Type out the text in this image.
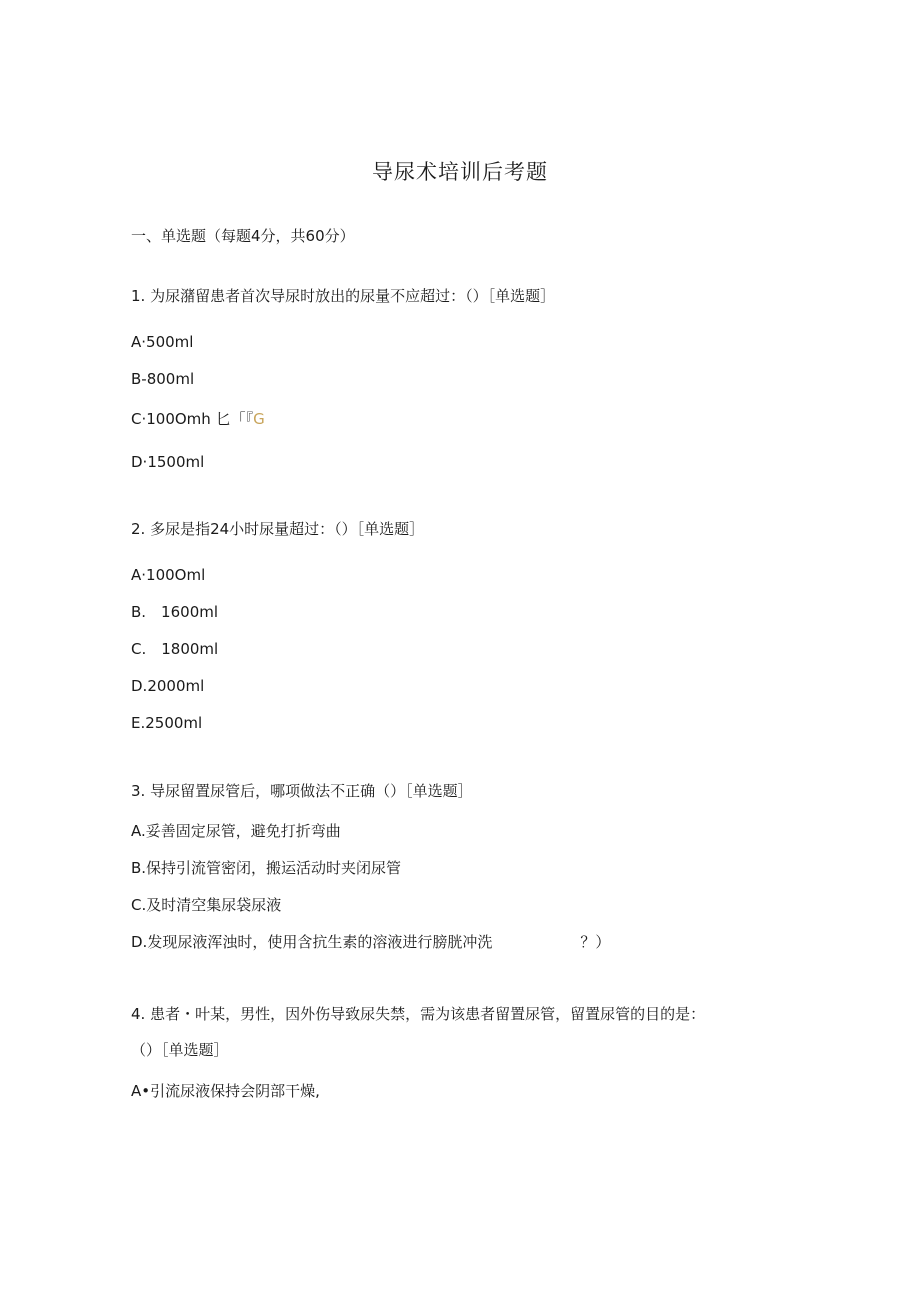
导尿术培训后考题
一、单选题（每题4分，共60分）
1. 为尿潴留患者首次导尿时放出的尿量不应超过：（）［单选题］
A·500ml
B-800ml
C·100Omh 匕「『G
D·1500ml
2. 多尿是指24小时尿量超过：（）［单选题］
A·100Oml
B.　1600ml
C.　1800ml
D.2000ml
E.2500ml
3. 导尿留置尿管后，哪项做法不正确（）［单选题］
A.妥善固定尿管，避免打折弯曲
B.保持引流管密闭，搬运活动时夹闭尿管
C.及时清空集尿袋尿液
D.发现尿液浑浊时，使用含抗生素的溶液进行膀胱冲洗	？）
4. 患者・叶某，男性，因外伤导致尿失禁，需为该患者留置尿管，留置尿管的目的是：
（）［单选题］
A•引流尿液保持会阴部干燥,
